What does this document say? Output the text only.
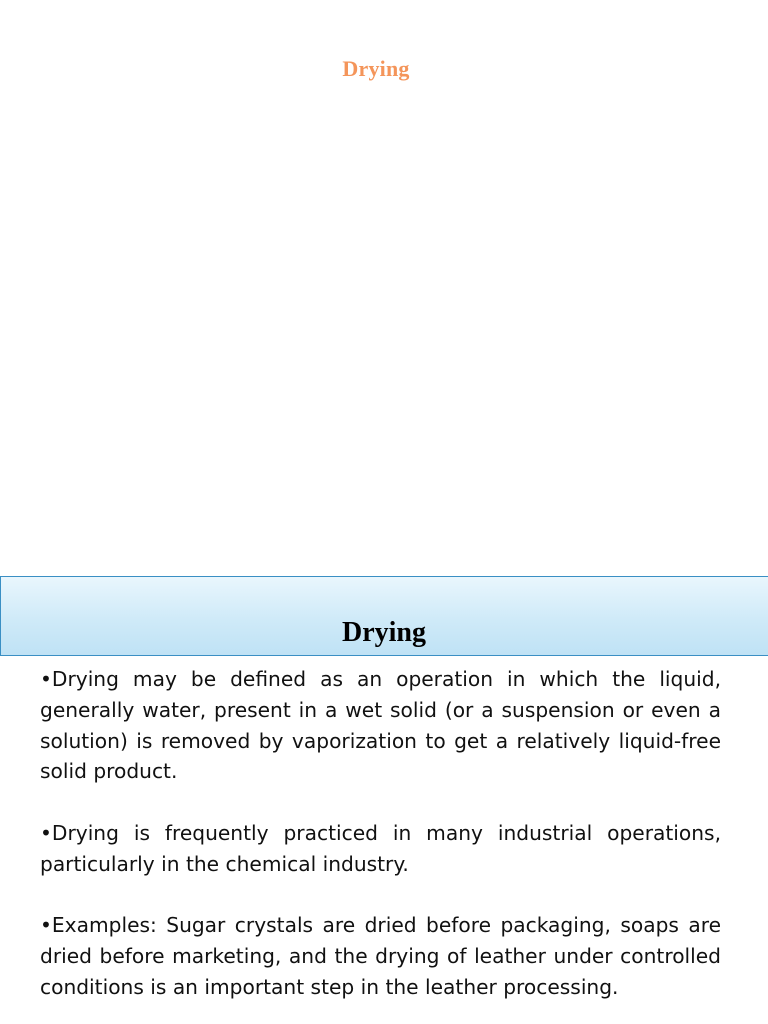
Drying
Drying

•Drying may be defined as an operation in which the liquid, generally water, present in a wet solid (or a suspension or even a solution) is removed by vaporization to get a relatively liquid-free solid product.

•Drying is frequently practiced in many industrial operations, particularly in the chemical industry.

•Examples: Sugar crystals are dried before packaging, soaps are dried before marketing, and the drying of leather under controlled conditions is an important step in the leather processing.
